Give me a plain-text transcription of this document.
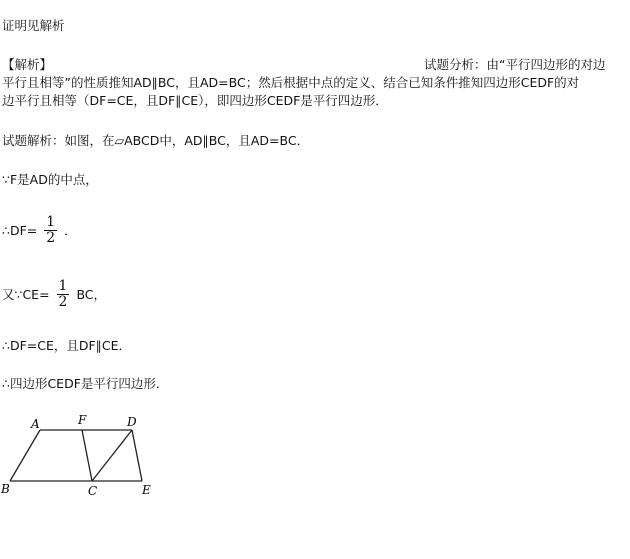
证明见解析
【解析】	试题分析：由“平行四边形的对边
平行且相等”的性质推知AD∥BC，且AD=BC；然后根据中点的定义、结合已知条件推知四边形CEDF的对
边平行且相等（DF=CE，且DF∥CE），即四边形CEDF是平行四边形．
试题解析：如图，在▱ABCD中，AD∥BC，且AD=BC．
∵F是AD的中点，
∴DF= $\frac{1}{2}$ ．
又∵CE= $\frac{1}{2}$ BC，
∴DF=CE，且DF∥CE．
∴四边形CEDF是平行四边形．
A	F	D
B	C	E
